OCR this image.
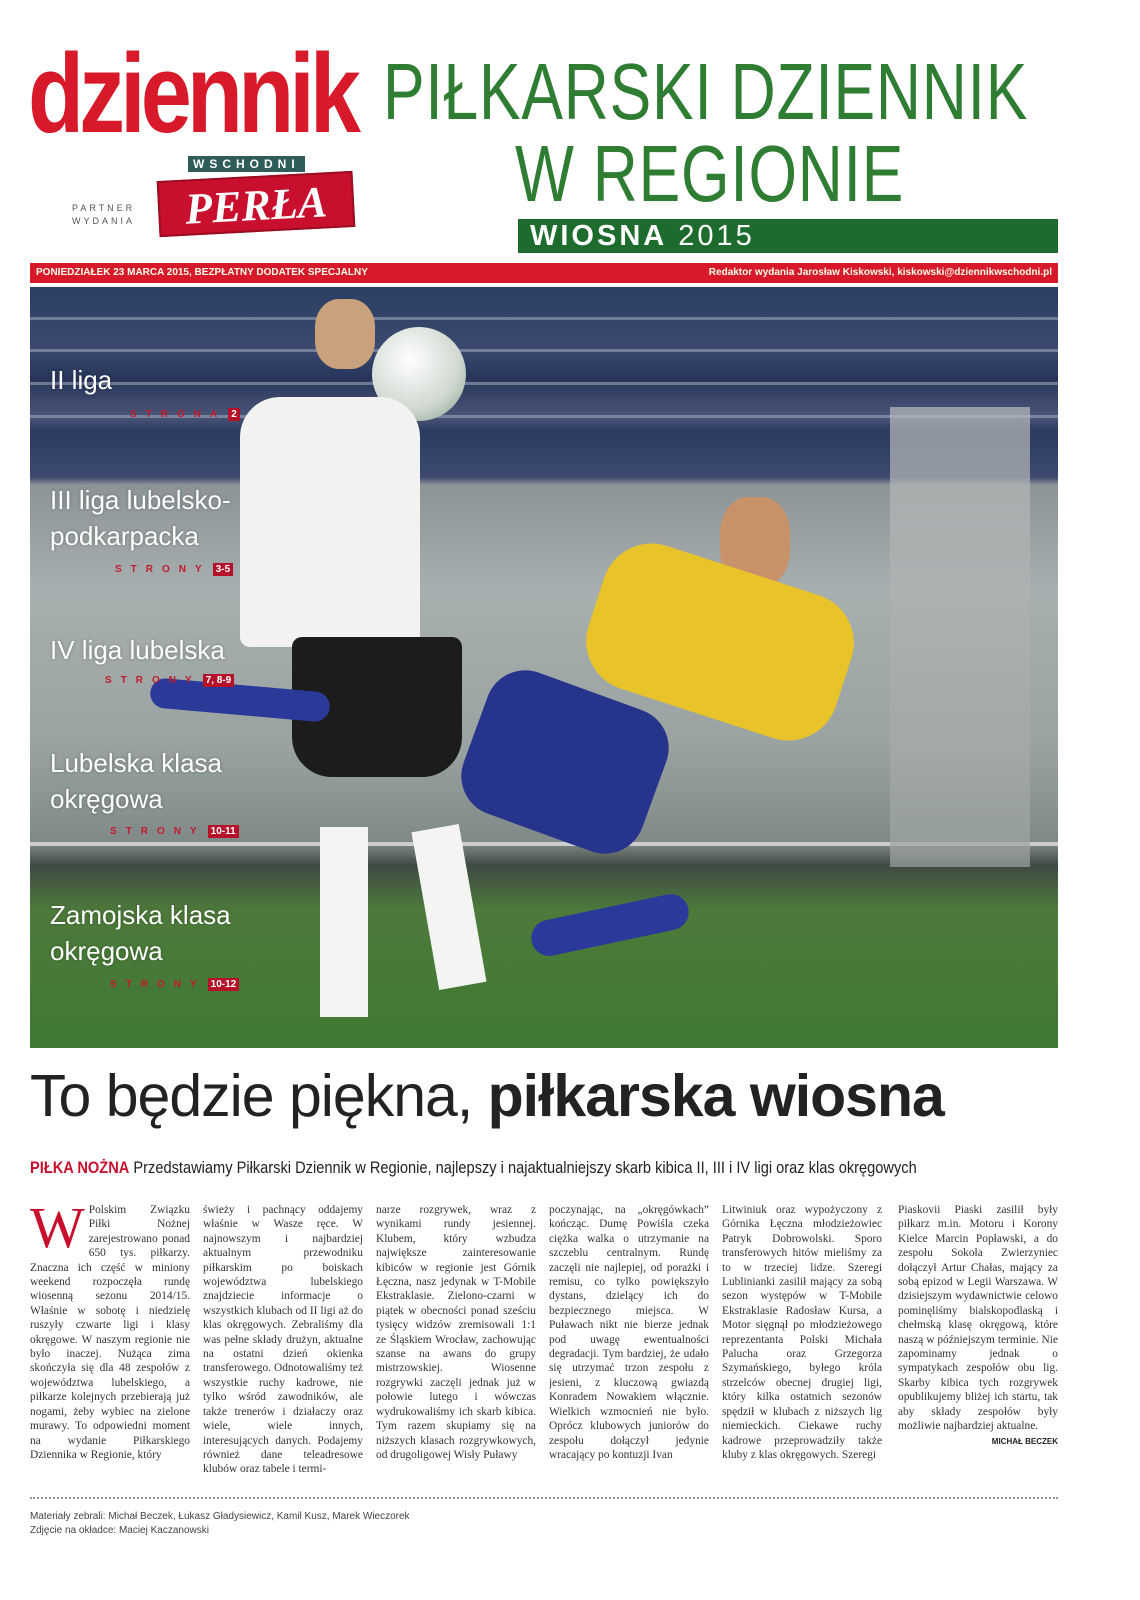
dziennik
WSCHODNI
PARTNER
WYDANIA	PERŁA
PIŁKARSKI DZIENNIK
W REGIONIE
WIOSNA 2015
PONIEDZIAŁEK 23 MARCA 2015, BEZPŁATNY DODATEK SPECJALNY	Redaktor wydania Jarosław Kiskowski, kiskowski@dziennikwschodni.pl
II liga
STRONA 2
III liga lubelsko-
podkarpacka
STRONY 3-5
IV liga lubelska
STRONY 7, 8-9
Lubelska klasa
okręgowa
STRONY 10-11
Zamojska klasa
okręgowa
STRONY 10-12
To będzie piękna, piłkarska wiosna
PIŁKA NOŻNA Przedstawiamy Piłkarski Dziennik w Regionie, najlepszy i najaktualniejszy skarb kibica II, III i IV ligi oraz klas okręgowych
W Polskim Związku Piłki Nożnej zarejestrowano ponad 650 tys. piłkarzy. Znaczna ich część w miniony weekend rozpoczęła rundę wiosenną sezonu 2014/15. Właśnie w sobotę i niedzielę ruszyły czwarte ligi i klasy okręgowe. W naszym regionie nie było inaczej. Nużąca zima skończyła się dla 48 zespołów z województwa lubelskiego, a piłkarze kolejnych przebierają już nogami, żeby wybiec na zielone murawy. To odpowiedni moment na wydanie Piłkarskiego Dziennika w Regionie, który
świeży i pachnący oddajemy właśnie w Wasze ręce. W najnowszym i najbardziej aktualnym przewodniku piłkarskim po boiskach województwa lubelskiego znajdziecie informacje o wszystkich klubach od II ligi aż do klas okręgowych. Zebraliśmy dla was pełne składy drużyn, aktualne na ostatni dzień okienka transferowego. Odnotowaliśmy też wszystkie ruchy kadrowe, nie tylko wśród zawodników, ale także trenerów i działaczy oraz wiele, wiele innych, interesujących danych. Podajemy również dane teleadresowe klubów oraz tabele i termi-
narze rozgrywek, wraz z wynikami rundy jesiennej. Klubem, który wzbudza największe zainteresowanie kibiców w regionie jest Górnik Łęczna, nasz jedynak w T-Mobile Ekstraklasie. Zielono-czarni w piątek w obecności ponad sześciu tysięcy widzów zremisowali 1:1 ze Śląskiem Wrocław, zachowując szanse na awans do grupy mistrzowskiej. Wiosenne rozgrywki zaczęli jednak już w połowie lutego i wówczas wydrukowaliśmy ich skarb kibica. Tym razem skupiamy się na niższych klasach rozgrywkowych, od drugoligowej Wisły Puławy
poczynając, na „okręgówkach” kończąc. Dumę Powiśla czeka ciężka walka o utrzymanie na szczeblu centralnym. Rundę zaczęli nie najlepiej, od porażki i remisu, co tylko powiększyło dystans, dzielący ich do bezpiecznego miejsca. W Puławach nikt nie bierze jednak pod uwagę ewentualności degradacji. Tym bardziej, że udało się utrzymać trzon zespołu z jesieni, z kluczową gwiazdą Konradem Nowakiem włącznie. Wielkich wzmocnień nie było. Oprócz klubowych juniorów do zespołu dołączył jedynie wracający po kontuzji Ivan
Litwiniuk oraz wypożyczony z Górnika Łęczna młodzieżowiec Patryk Dobrowolski. Sporo transferowych hitów mieliśmy za to w trzeciej lidze. Szeregi Lublinianki zasilił mający za sobą sezon występów w T-Mobile Ekstraklasie Radosław Kursa, a Motor sięgnął po młodzieżowego reprezentanta Polski Michała Palucha oraz Grzegorza Szymańskiego, byłego króla strzelców obecnej drugiej ligi, który kilka ostatnich sezonów spędził w klubach z niższych lig niemieckich. Ciekawe ruchy kadrowe przeprowadziły także kluby z klas okręgowych. Szeregi
Piaskovii Piaski zasilił były piłkarz m.in. Motoru i Korony Kielce Marcin Popławski, a do zespołu Sokoła Zwierzyniec dołączył Artur Chałas, mający za sobą epizod w Legii Warszawa. W dzisiejszym wydawnictwie celowo pominęliśmy bialskopodlaską i chełmską klasę okręgową, które naszą w późniejszym terminie. Nie zapominamy jednak o sympatykach zespołów obu lig. Skarby kibica tych rozgrywek opublikujemy bliżej ich startu, tak aby składy zespołów były możliwie najbardziej aktualne.
MICHAŁ BECZEK
Materiały zebrali: Michał Beczek, Łukasz Gładysiewicz, Kamil Kusz, Marek Wieczorek
Zdjęcie na okładce: Maciej Kaczanowski
